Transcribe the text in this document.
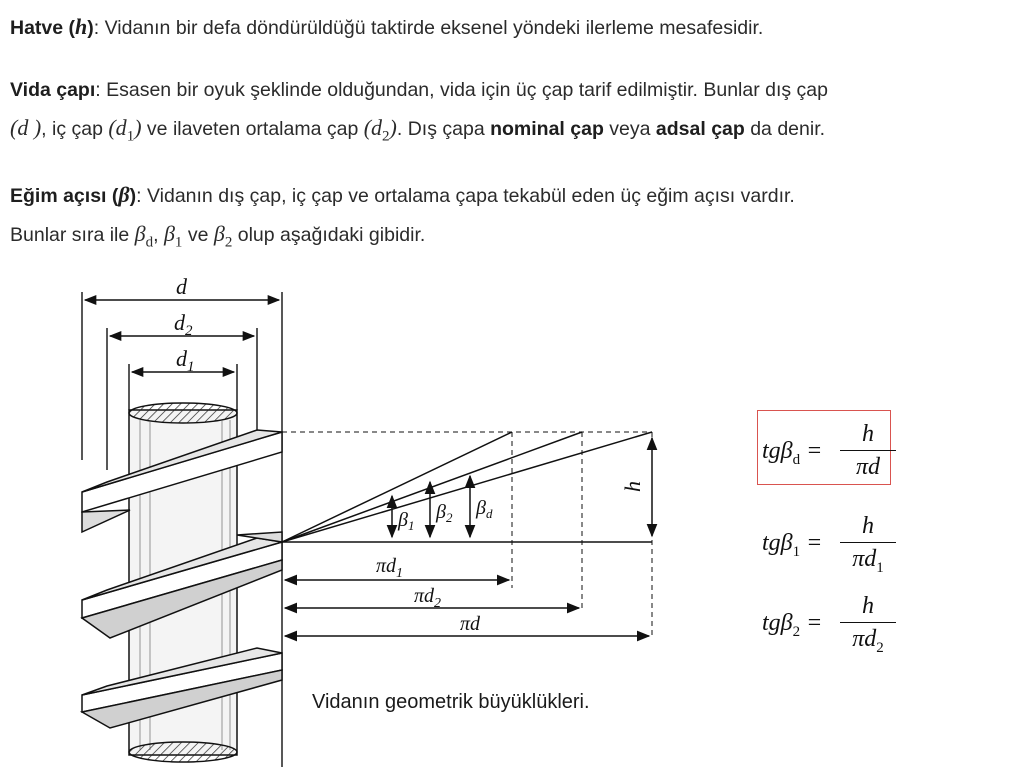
Hatve (h): Vidanın bir defa döndürüldüğü taktirde eksenel yöndeki ilerleme mesafesidir.

Vida çapı: Esasen bir oyuk şeklinde olduğundan, vida için üç çap tarif edilmiştir. Bunlar dış çap
(d ), iç çap $(d_1)$ ve ilaveten ortalama çap $(d_2)$. Dış çapa nominal çap veya adsal çap da denir.

Eğim açısı (β): Vidanın dış çap, iç çap ve ortalama çapa tekabül eden üç eğim açısı vardır.
Bunlar sıra ile $\beta_d$, $\beta_1$ ve $\beta_2$ olup aşağıdaki gibidir.

d
$d_2$
$d_1$
h
$\beta_1$
$\beta_2$ $\beta_d$
$\pi d_1$
$\pi d_2$
πd
tgβ$_d$ =
h
πd
tgβ$_1$ =
h
$\pi d_1$
tgβ$_2$ =
h
$\pi d_2$
Vidanın geometrik büyüklükleri.
